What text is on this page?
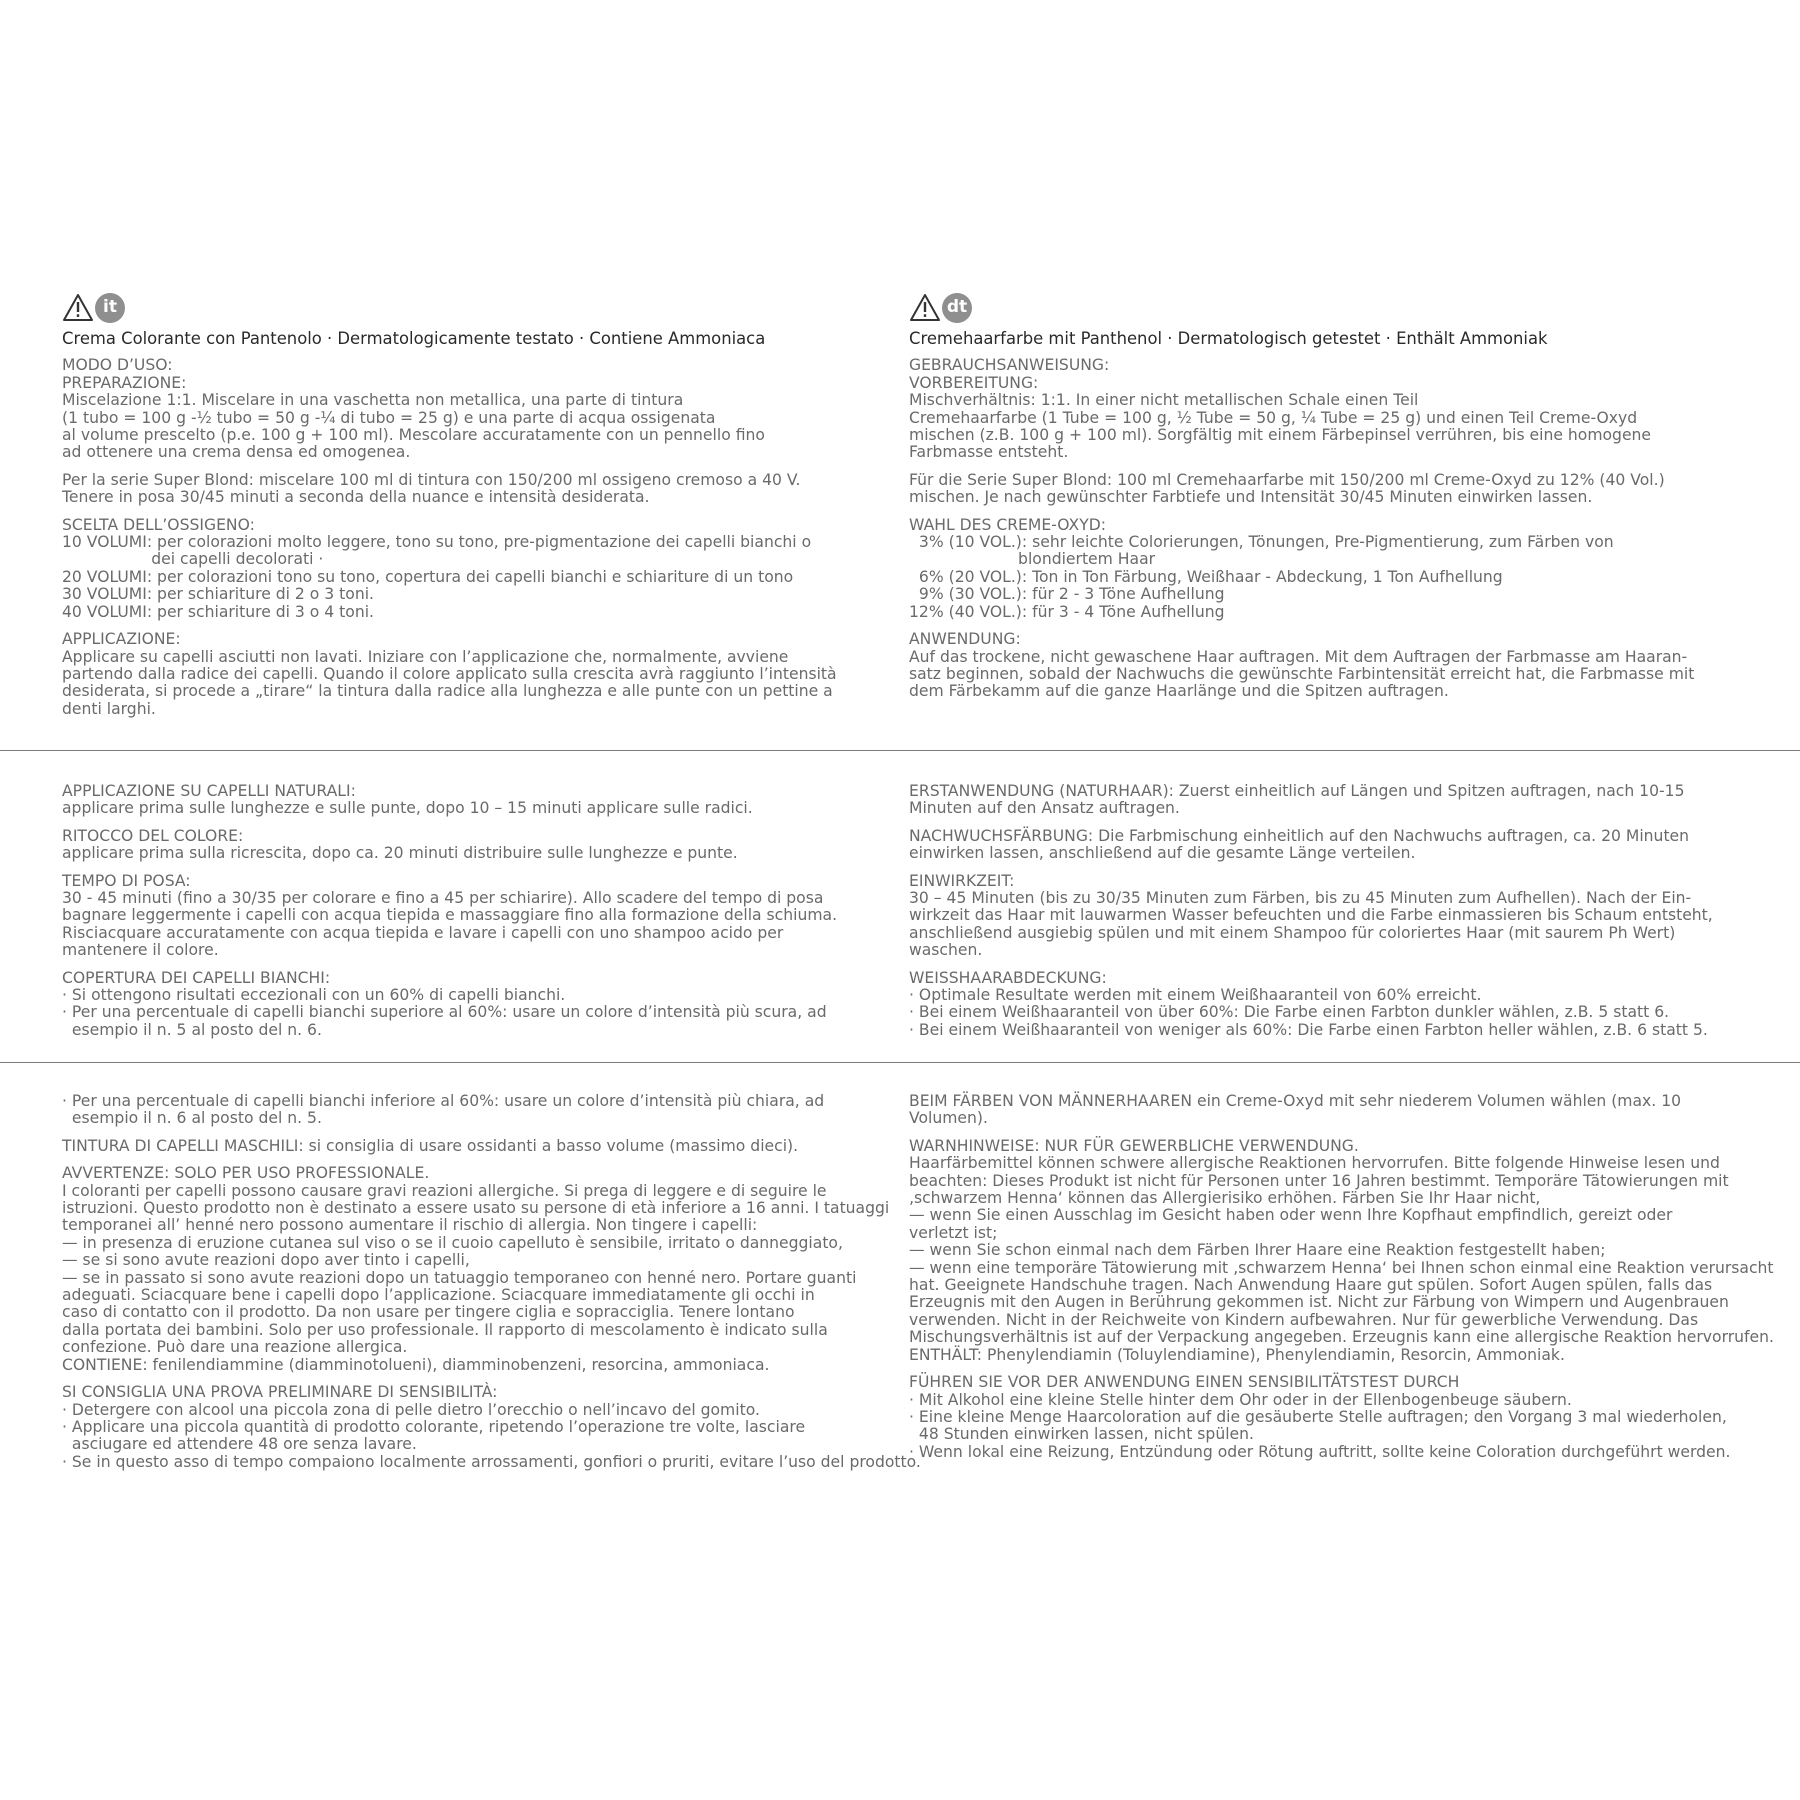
it	dt

Crema Colorante con Pantenolo · Dermatologicamente testato · Contiene Ammoniaca

MODO D’USO:

PREPARAZIONE:

Miscelazione 1:1. Miscelare in una vaschetta non metallica, una parte di tintura

(1 tubo = 100 g -½ tubo = 50 g -¼ di tubo = 25 g) e una parte di acqua ossigenata

al volume prescelto (p.e. 100 g + 100 ml). Mescolare accuratamente con un pennello fino

ad ottenere una crema densa ed omogenea.

Per la serie Super Blond: miscelare 100 ml di tintura con 150/200 ml ossigeno cremoso a 40 V.

Tenere in posa 30/45 minuti a seconda della nuance e intensità desiderata.

SCELTA DELL’OSSIGENO:

10 VOLUMI: per colorazioni molto leggere, tono su tono, pre-pigmentazione dei capelli bianchi o

dei capelli decolorati ·

20 VOLUMI: per colorazioni tono su tono, copertura dei capelli bianchi e schiariture di un tono

30 VOLUMI: per schiariture di 2 o 3 toni.

40 VOLUMI: per schiariture di 3 o 4 toni.

APPLICAZIONE:

Applicare su capelli asciutti non lavati. Iniziare con l’applicazione che, normalmente, avviene

partendo dalla radice dei capelli. Quando il colore applicato sulla crescita avrà raggiunto l’intensità

desiderata, si procede a „tirare“ la tintura dalla radice alla lunghezza e alle punte con un pettine a

denti larghi.

Cremehaarfarbe mit Panthenol · Dermatologisch getestet · Enthält Ammoniak

GEBRAUCHSANWEISUNG:

VORBEREITUNG:

Mischverhältnis: 1:1. In einer nicht metallischen Schale einen Teil

Cremehaarfarbe (1 Tube = 100 g, ½ Tube = 50 g, ¼ Tube = 25 g) und einen Teil Creme-Oxyd

mischen (z.B. 100 g + 100 ml). Sorgfältig mit einem Färbepinsel verrühren, bis eine homogene

Farbmasse entsteht.

Für die Serie Super Blond: 100 ml Cremehaarfarbe mit 150/200 ml Creme-Oxyd zu 12% (40 Vol.)

mischen. Je nach gewünschter Farbtiefe und Intensität 30/45 Minuten einwirken lassen.

WAHL DES CREME-OXYD:

3% (10 VOL.): sehr leichte Colorierungen, Tönungen, Pre-Pigmentierung, zum Färben von

blondiertem Haar

6% (20 VOL.): Ton in Ton Färbung, Weißhaar - Abdeckung, 1 Ton Aufhellung

9% (30 VOL.): für 2 - 3 Töne Aufhellung

12% (40 VOL.): für 3 - 4 Töne Aufhellung

ANWENDUNG:

Auf das trockene, nicht gewaschene Haar auftragen. Mit dem Auftragen der Farbmasse am Haaran-

satz beginnen, sobald der Nachwuchs die gewünschte Farbintensität erreicht hat, die Farbmasse mit

dem Färbekamm auf die ganze Haarlänge und die Spitzen auftragen.

APPLICAZIONE SU CAPELLI NATURALI:

applicare prima sulle lunghezze e sulle punte, dopo 10 – 15 minuti applicare sulle radici.

RITOCCO DEL COLORE:

applicare prima sulla ricrescita, dopo ca. 20 minuti distribuire sulle lunghezze e punte.

TEMPO DI POSA:

30 - 45 minuti (fino a 30/35 per colorare e fino a 45 per schiarire). Allo scadere del tempo di posa

bagnare leggermente i capelli con acqua tiepida e massaggiare fino alla formazione della schiuma.

Risciacquare accuratamente con acqua tiepida e lavare i capelli con uno shampoo acido per

mantenere il colore.

COPERTURA DEI CAPELLI BIANCHI:

· Si ottengono risultati eccezionali con un 60% di capelli bianchi.

· Per una percentuale di capelli bianchi superiore al 60%: usare un colore d’intensità più scura, ad

esempio il n. 5 al posto del n. 6.

ERSTANWENDUNG (NATURHAAR): Zuerst einheitlich auf Längen und Spitzen auftragen, nach 10-15

Minuten auf den Ansatz auftragen.

NACHWUCHSFÄRBUNG: Die Farbmischung einheitlich auf den Nachwuchs auftragen, ca. 20 Minuten

einwirken lassen, anschließend auf die gesamte Länge verteilen.

EINWIRKZEIT:

30 – 45 Minuten (bis zu 30/35 Minuten zum Färben, bis zu 45 Minuten zum Aufhellen). Nach der Ein-

wirkzeit das Haar mit lauwarmen Wasser befeuchten und die Farbe einmassieren bis Schaum entsteht,

anschließend ausgiebig spülen und mit einem Shampoo für coloriertes Haar (mit saurem Ph Wert)

waschen.

WEISSHAARABDECKUNG:

· Optimale Resultate werden mit einem Weißhaaranteil von 60% erreicht.

· Bei einem Weißhaaranteil von über 60%: Die Farbe einen Farbton dunkler wählen, z.B. 5 statt 6.

· Bei einem Weißhaaranteil von weniger als 60%: Die Farbe einen Farbton heller wählen, z.B. 6 statt 5.

· Per una percentuale di capelli bianchi inferiore al 60%: usare un colore d’intensità più chiara, ad

esempio il n. 6 al posto del n. 5.

TINTURA DI CAPELLI MASCHILI: si consiglia di usare ossidanti a basso volume (massimo dieci).

AVVERTENZE: SOLO PER USO PROFESSIONALE.

I coloranti per capelli possono causare gravi reazioni allergiche. Si prega di leggere e di seguire le

istruzioni. Questo prodotto non è destinato a essere usato su persone di età inferiore a 16 anni. I tatuaggi

temporanei all’ henné nero possono aumentare il rischio di allergia. Non tingere i capelli:

— in presenza di eruzione cutanea sul viso o se il cuoio capelluto è sensibile, irritato o danneggiato,

— se si sono avute reazioni dopo aver tinto i capelli,

— se in passato si sono avute reazioni dopo un tatuaggio temporaneo con henné nero. Portare guanti

adeguati. Sciacquare bene i capelli dopo l’applicazione. Sciacquare immediatamente gli occhi in

caso di contatto con il prodotto. Da non usare per tingere ciglia e sopracciglia. Tenere lontano

dalla portata dei bambini. Solo per uso professionale. Il rapporto di mescolamento è indicato sulla

confezione. Può dare una reazione allergica.

CONTIENE: fenilendiammine (diamminotolueni), diamminobenzeni, resorcina, ammoniaca.

SI CONSIGLIA UNA PROVA PRELIMINARE DI SENSIBILITÀ:

· Detergere con alcool una piccola zona di pelle dietro l’orecchio o nell’incavo del gomito.

· Applicare una piccola quantità di prodotto colorante, ripetendo l’operazione tre volte, lasciare

asciugare ed attendere 48 ore senza lavare.

· Se in questo asso di tempo compaiono localmente arrossamenti, gonfiori o pruriti, evitare l’uso del prodotto.

BEIM FÄRBEN VON MÄNNERHAAREN ein Creme-Oxyd mit sehr niederem Volumen wählen (max. 10

Volumen).

WARNHINWEISE: NUR FÜR GEWERBLICHE VERWENDUNG.

Haarfärbemittel können schwere allergische Reaktionen hervorrufen. Bitte folgende Hinweise lesen und

beachten: Dieses Produkt ist nicht für Personen unter 16 Jahren bestimmt. Temporäre Tätowierungen mit

‚schwarzem Henna‘ können das Allergierisiko erhöhen. Färben Sie Ihr Haar nicht,

— wenn Sie einen Ausschlag im Gesicht haben oder wenn Ihre Kopfhaut empfindlich, gereizt oder

verletzt ist;

— wenn Sie schon einmal nach dem Färben Ihrer Haare eine Reaktion festgestellt haben;

— wenn eine temporäre Tätowierung mit ‚schwarzem Henna‘ bei Ihnen schon einmal eine Reaktion verursacht

hat. Geeignete Handschuhe tragen. Nach Anwendung Haare gut spülen. Sofort Augen spülen, falls das

Erzeugnis mit den Augen in Berührung gekommen ist. Nicht zur Färbung von Wimpern und Augenbrauen

verwenden. Nicht in der Reichweite von Kindern aufbewahren. Nur für gewerbliche Verwendung. Das

Mischungsverhältnis ist auf der Verpackung angegeben. Erzeugnis kann eine allergische Reaktion hervorrufen.

ENTHÄLT: Phenylendiamin (Toluylendiamine), Phenylendiamin, Resorcin, Ammoniak.

FÜHREN SIE VOR DER ANWENDUNG EINEN SENSIBILITÄTSTEST DURCH

· Mit Alkohol eine kleine Stelle hinter dem Ohr oder in der Ellenbogenbeuge säubern.

· Eine kleine Menge Haarcoloration auf die gesäuberte Stelle auftragen; den Vorgang 3 mal wiederholen,

48 Stunden einwirken lassen, nicht spülen.

· Wenn lokal eine Reizung, Entzündung oder Rötung auftritt, sollte keine Coloration durchgeführt werden.
